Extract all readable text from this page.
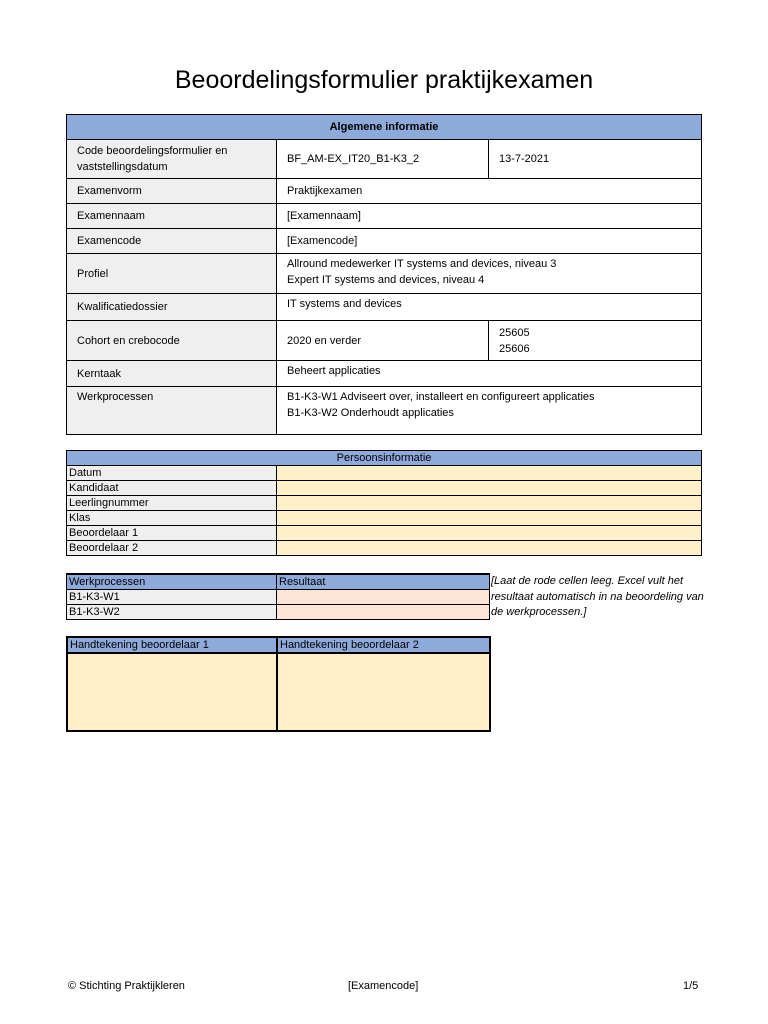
Beoordelingsformulier praktijkexamen
Algemene informatie		
Code beoordelingsformulier en vaststellingsdatum	BF_AM-EX_IT20_B1-K3_2	13-7-2021
Examenvorm	Praktijkexamen	
Examennaam	[Examennaam]	
Examencode	[Examencode]	
Profiel	Allround medewerker IT systems and devices, niveau 3
Expert IT systems and devices, niveau 4	

Kwalificatiedossier	IT systems and devices	
Cohort en crebocode	2020 en verder	25605
25606

Kerntaak	Beheert applicaties	
Werkprocessen	B1-K3-W1 Adviseert over, installeert en configureert applicaties
B1-K3-W2 Onderhoudt applicaties	
Persoonsinformatie	
Datum	
Kandidaat	
Leerlingnummer	
Klas	
Beoordelaar 1	
Beoordelaar 2	
Werkprocessen	Resultaat
B1-K3-W1	
B1-K3-W2	
[Laat de rode cellen leeg. Excel vult het resultaat automatisch in na beoordeling van de werkprocessen.]
Handtekening beoordelaar 1	Handtekening beoordelaar 2

© Stichting Praktijkleren	[Examencode]	1/5
